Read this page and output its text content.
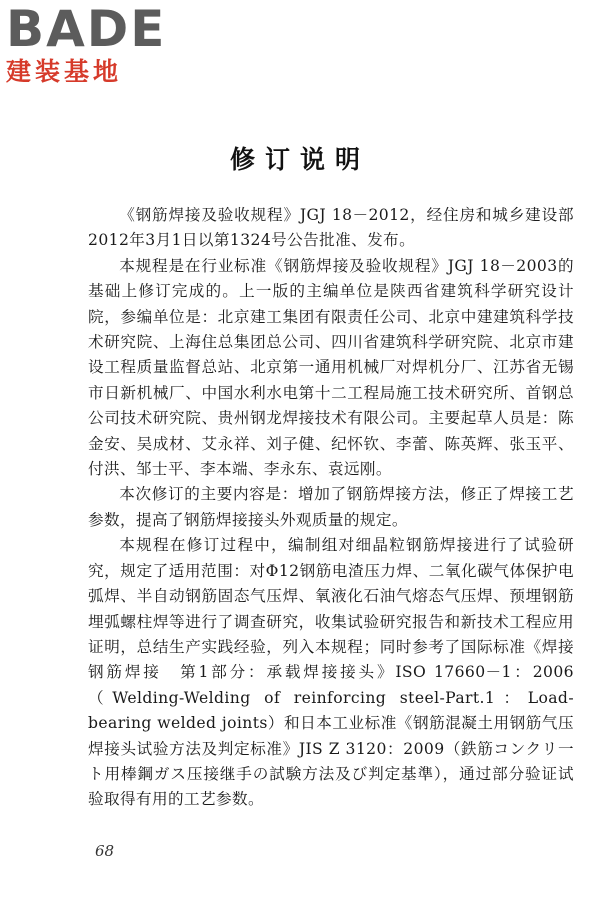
BADE
建装基地
修订说明

《钢筋焊接及验收规程》JGJ 18－2012，经住房和城乡建设部2012年3月1日以第1324号公告批准、发布。

本规程是在行业标准《钢筋焊接及验收规程》JGJ 18－2003的基础上修订完成的。上一版的主编单位是陕西省建筑科学研究设计院，参编单位是：北京建工集团有限责任公司、北京中建建筑科学技术研究院、上海住总集团总公司、四川省建筑科学研究院、北京市建设工程质量监督总站、北京第一通用机械厂对焊机分厂、江苏省无锡市日新机械厂、中国水利水电第十二工程局施工技术研究所、首钢总公司技术研究院、贵州钢龙焊接技术有限公司。主要起草人员是：陈金安、吴成材、艾永祥、刘子健、纪怀钦、李蕾、陈英辉、张玉平、付洪、邹士平、李本端、李永东、袁远刚。

本次修订的主要内容是：增加了钢筋焊接方法，修正了焊接工艺参数，提高了钢筋焊接接头外观质量的规定。

本规程在修订过程中，编制组对细晶粒钢筋焊接进行了试验研究，规定了适用范围：对Φ12钢筋电渣压力焊、二氧化碳气体保护电弧焊、半自动钢筋固态气压焊、氧液化石油气熔态气压焊、预埋钢筋埋弧螺柱焊等进行了调查研究，收集试验研究报告和新技术工程应用证明，总结生产实践经验，列入本规程；同时参考了国际标准《焊接　钢筋焊接　第1部分：承载焊接接头》ISO 17660－1：2006（Welding-Welding of reinforcing steel-Part.1：Load-bearing welded joints）和日本工业标准《钢筋混凝土用钢筋气压焊接头试验方法及判定标准》JIS Z 3120：2009（鉄筋コンクリ一ト用棒鋼ガス压接继手の試験方法及び判定基準），通过部分验证试验取得有用的工艺参数。

68
